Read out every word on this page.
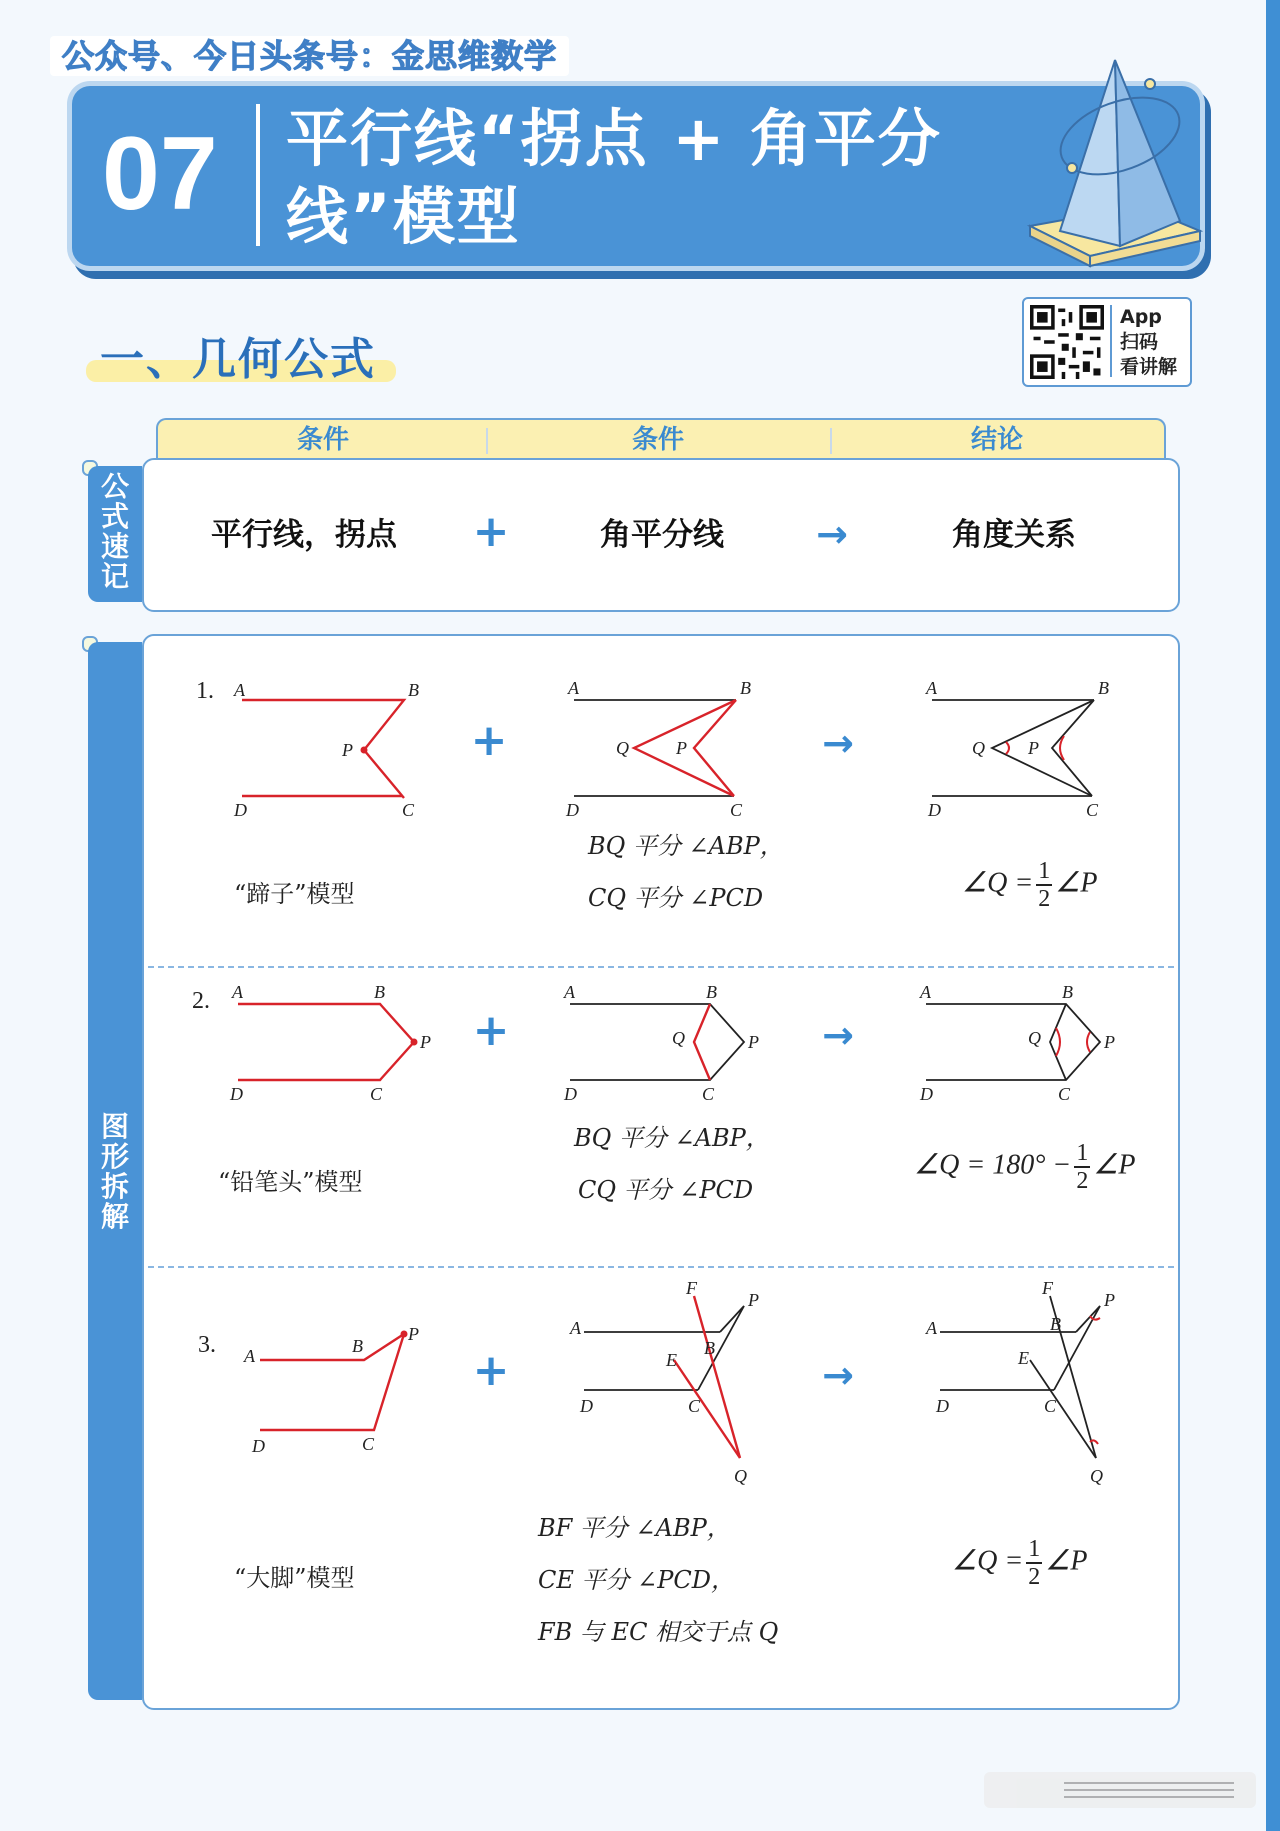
公众号、今日头条号：金思维数学
07 平行线“拐点 + 角平分
线”模型
App
扫码
看讲解
一、几何公式
条件	条件	结论
公
式
速
记
平行线，拐点	+	角平分线	→	角度关系
图
形
拆
解
1. A	B
P
D	C
+
A	B
Q	P
D	C
→
A	B
Q P
D	C
“蹄子”模型
BQ 平分 ∠ABP，
CQ 平分 ∠PCD	∠Q = $\frac{1}{2}$ ∠P
2. A	B
P
D	C
+
A	B
Q	P
D	C
→
A	B
Q	P
D	C
“铅笔头”模型
BQ 平分 ∠ABP，
CQ 平分 ∠PCD
∠Q = $180^\circ - \frac{1}{2}$ ∠P
3. A	B
P
D	C
+
A
F
P
B
E
D	C
Q
→
A
F
P
B
E
D	C
Q
“大脚”模型
BF 平分 ∠ABP，
CE 平分 ∠PCD，
FB 与 EC 相交于点 Q
∠Q = $\frac{1}{2}$ ∠P
